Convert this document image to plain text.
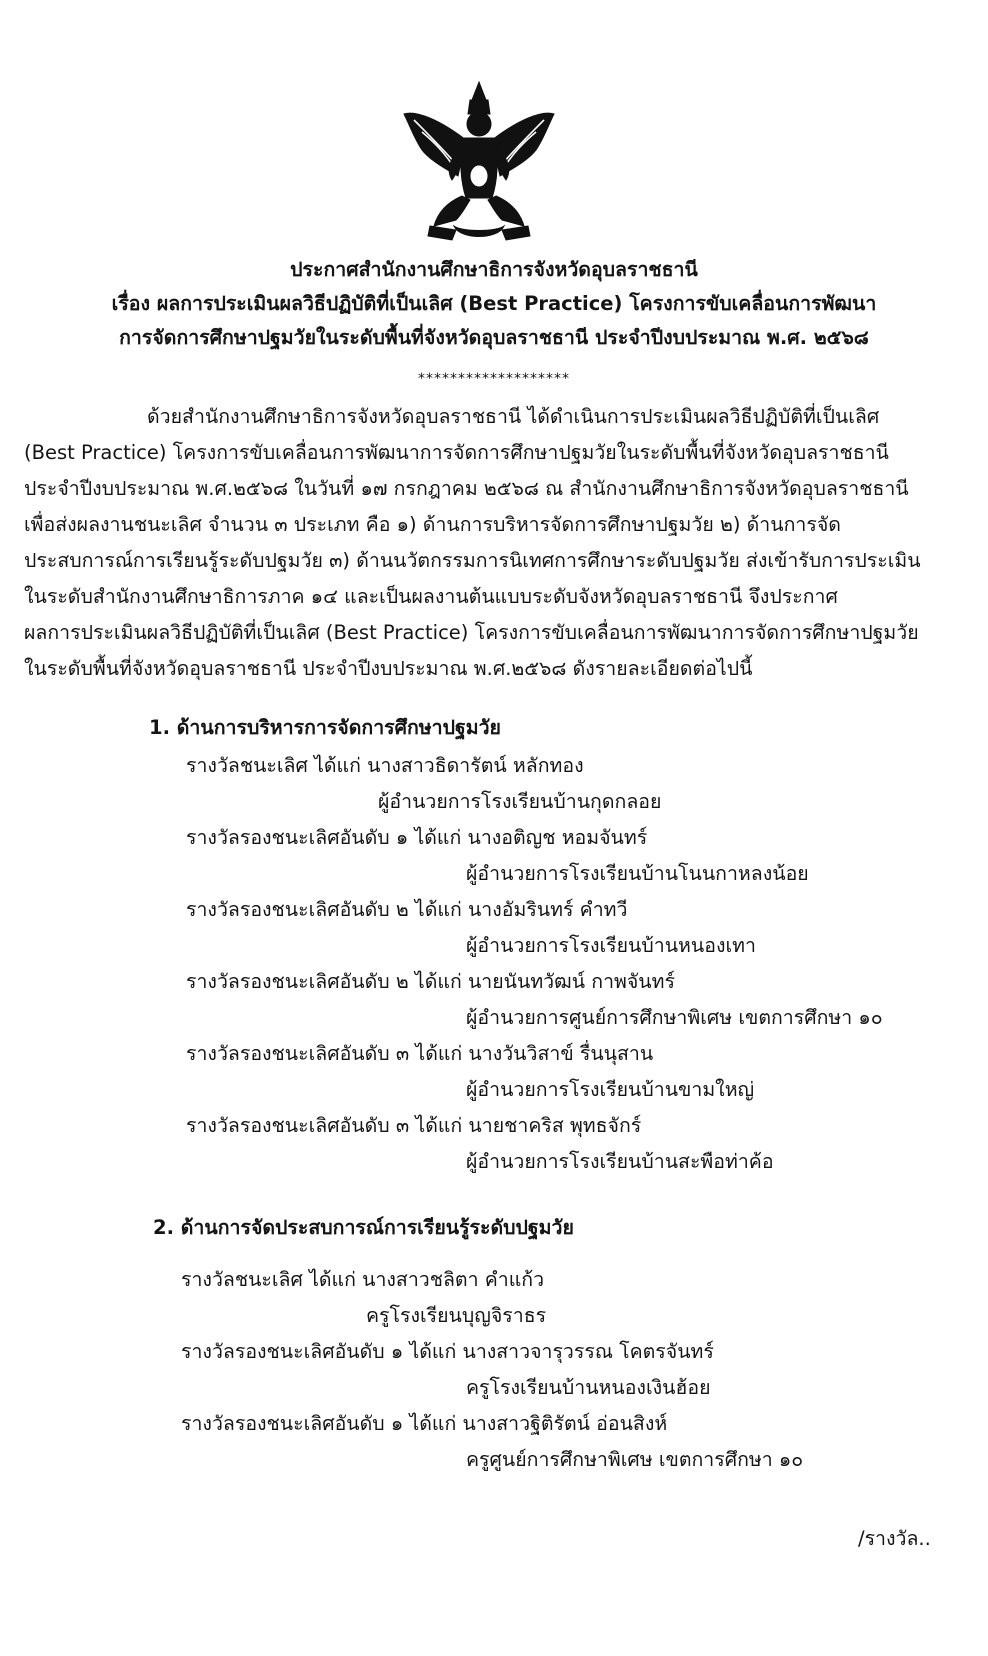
ประกาศสำนักงานศึกษาธิการจังหวัดอุบลราชธานี
เรื่อง ผลการประเมินผลวิธีปฏิบัติที่เป็นเลิศ (Best Practice) โครงการขับเคลื่อนการพัฒนา
การจัดการศึกษาปฐมวัยในระดับพื้นที่จังหวัดอุบลราชธานี ประจำปีงบประมาณ พ.ศ. ๒๕๖๘
*******************
ด้วยสำนักงานศึกษาธิการจังหวัดอุบลราชธานี ได้ดำเนินการประเมินผลวิธีปฏิบัติที่เป็นเลิศ
(Best Practice) โครงการขับเคลื่อนการพัฒนาการจัดการศึกษาปฐมวัยในระดับพื้นที่จังหวัดอุบลราชธานี
ประจำปีงบประมาณ พ.ศ.๒๕๖๘ ในวันที่ ๑๗ กรกฎาคม ๒๕๖๘ ณ สำนักงานศึกษาธิการจังหวัดอุบลราชธานี
เพื่อส่งผลงานชนะเลิศ จำนวน ๓ ประเภท คือ ๑) ด้านการบริหารจัดการศึกษาปฐมวัย ๒) ด้านการจัด
ประสบการณ์การเรียนรู้ระดับปฐมวัย ๓) ด้านนวัตกรรมการนิเทศการศึกษาระดับปฐมวัย ส่งเข้ารับการประเมิน
ในระดับสำนักงานศึกษาธิการภาค ๑๔ และเป็นผลงานต้นแบบระดับจังหวัดอุบลราชธานี จึงประกาศ
ผลการประเมินผลวิธีปฏิบัติที่เป็นเลิศ (Best Practice) โครงการขับเคลื่อนการพัฒนาการจัดการศึกษาปฐมวัย
ในระดับพื้นที่จังหวัดอุบลราชธานี ประจำปีงบประมาณ พ.ศ.๒๕๖๘ ดังรายละเอียดต่อไปนี้
1. ด้านการบริหารการจัดการศึกษาปฐมวัย
รางวัลชนะเลิศ ได้แก่ นางสาวธิดารัตน์ หลักทอง
ผู้อำนวยการโรงเรียนบ้านกุดกลอย
รางวัลรองชนะเลิศอันดับ ๑ ได้แก่ นางอติญช หอมจันทร์
ผู้อำนวยการโรงเรียนบ้านโนนกาหลงน้อย
รางวัลรองชนะเลิศอันดับ ๒ ได้แก่ นางอัมรินทร์ คำทวี
ผู้อำนวยการโรงเรียนบ้านหนองเทา
รางวัลรองชนะเลิศอันดับ ๒ ได้แก่ นายนันทวัฒน์ กาพจันทร์
ผู้อำนวยการศูนย์การศึกษาพิเศษ เขตการศึกษา ๑๐
รางวัลรองชนะเลิศอันดับ ๓ ได้แก่ นางวันวิสาข์ รื่นนุสาน
ผู้อำนวยการโรงเรียนบ้านขามใหญ่
รางวัลรองชนะเลิศอันดับ ๓ ได้แก่ นายชาคริส พุทธจักร์
ผู้อำนวยการโรงเรียนบ้านสะพือท่าค้อ
2. ด้านการจัดประสบการณ์การเรียนรู้ระดับปฐมวัย
รางวัลชนะเลิศ ได้แก่ นางสาวชลิตา คำแก้ว
ครูโรงเรียนบุญจิราธร
รางวัลรองชนะเลิศอันดับ ๑ ได้แก่ นางสาวจารุวรรณ โคตรจันทร์
ครูโรงเรียนบ้านหนองเงินฮ้อย
รางวัลรองชนะเลิศอันดับ ๑ ได้แก่ นางสาวฐิติรัตน์ อ่อนสิงห์
ครูศูนย์การศึกษาพิเศษ เขตการศึกษา ๑๐
/รางวัล..
